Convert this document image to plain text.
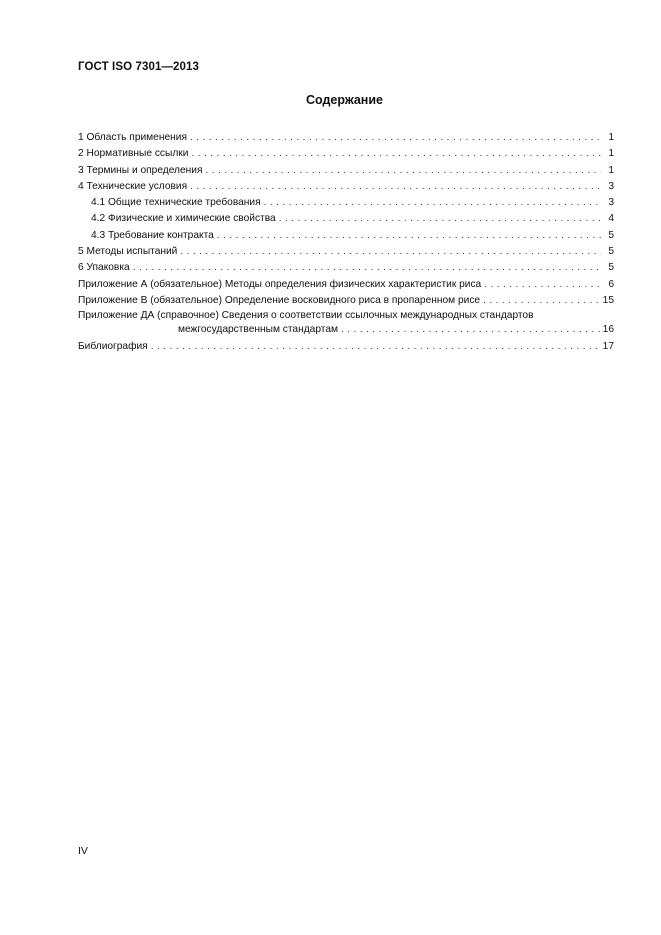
ГОСТ ISO 7301—2013
Содержание
1 Область применения . . .	1
2 Нормативные ссылки . . .	1
3 Термины и определения . . .	1
4 Технические условия . . .	3
4.1 Общие технические требования . . .	3
4.2 Физические и химические свойства . . .	4
4.3 Требование контракта . . .	5
5 Методы испытаний . . .	5
6 Упаковка . . .	5
Приложение А (обязательное) Методы определения физических характеристик риса . . .	6
Приложение В (обязательное) Определение восковидного риса в пропаренном рисе . . .	15
Приложение ДА (справочное) Сведения о соответствии ссылочных международных стандартов
межгосударственным стандартам . . .	16
Библиография . . .	17
IV
